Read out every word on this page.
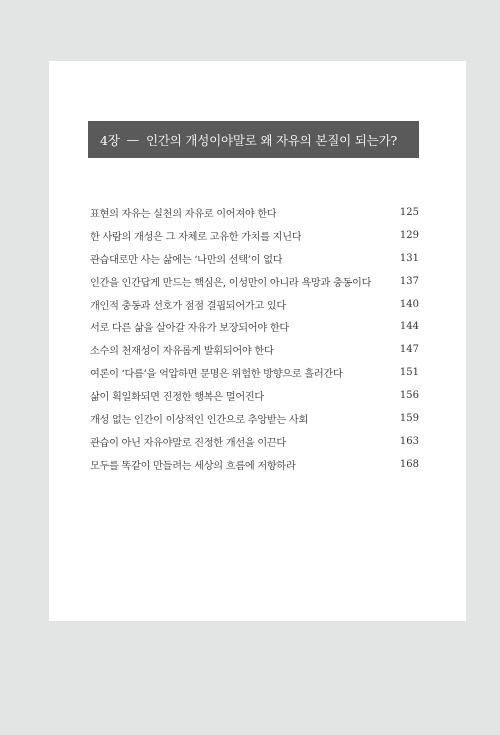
4장 — 인간의 개성이야말로 왜 자유의 본질이 되는가?
표현의 자유는 실천의 자유로 이어져야 한다	125
한 사람의 개성은 그 자체로 고유한 가치를 지닌다	129
관습대로만 사는 삶에는 ‘나만의 선택’이 없다	131
인간을 인간답게 만드는 핵심은, 이성만이 아니라 욕망과 충동이다	137
개인적 충동과 선호가 점점 결핍되어가고 있다	140
서로 다른 삶을 살아갈 자유가 보장되어야 한다	144
소수의 천재성이 자유롭게 발휘되어야 한다	147
여론이 ‘다름’을 억압하면 문명은 위험한 방향으로 흘러간다	151
삶이 획일화되면 진정한 행복은 멀어진다	156
개성 없는 인간이 이상적인 인간으로 추앙받는 사회	159
관습이 아닌 자유야말로 진정한 개선을 이끈다	163
모두를 똑같이 만들려는 세상의 흐름에 저항하라	168
